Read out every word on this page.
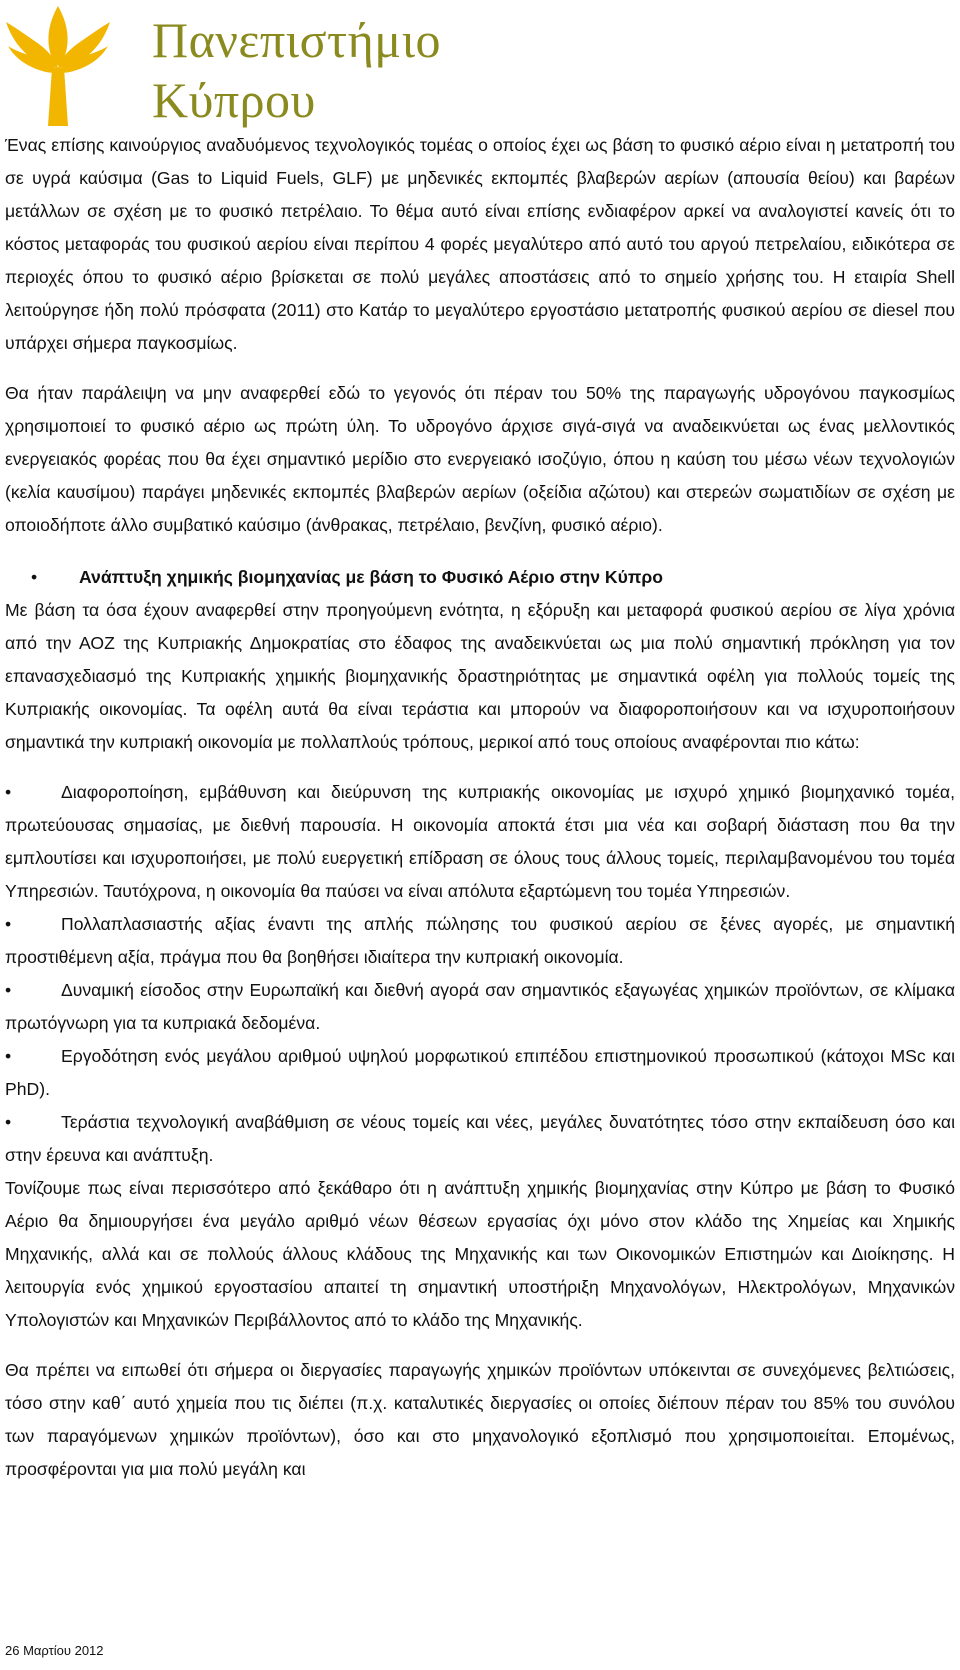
Πανεπιστήμιο
Κύπρου

Ένας επίσης καινούργιος αναδυόμενος τεχνολογικός τομέας ο οποίος έχει ως βάση το φυσικό αέριο είναι η μετατροπή του σε υγρά καύσιμα (Gas to Liquid Fuels, GLF) με μηδενικές εκπομπές βλαβερών αερίων (απουσία θείου) και βαρέων μετάλλων σε σχέση με το φυσικό πετρέλαιο. Το θέμα αυτό είναι επίσης ενδιαφέρον αρκεί να αναλογιστεί κανείς ότι το κόστος μεταφοράς του φυσικού αερίου είναι περίπου 4 φορές μεγαλύτερο από αυτό του αργού πετρελαίου, ειδικότερα σε περιοχές όπου το φυσικό αέριο βρίσκεται σε πολύ μεγάλες αποστάσεις από το σημείο χρήσης του. Η εταιρία Shell λειτούργησε ήδη πολύ πρόσφατα (2011) στο Κατάρ το μεγαλύτερο εργοστάσιο μετατροπής φυσικού αερίου σε diesel που υπάρχει σήμερα παγκοσμίως.

Θα ήταν παράλειψη να μην αναφερθεί εδώ το γεγονός ότι πέραν του 50% της παραγωγής υδρογόνου παγκοσμίως χρησιμοποιεί το φυσικό αέριο ως πρώτη ύλη. Το υδρογόνο άρχισε σιγά-σιγά να αναδεικνύεται ως ένας μελλοντικός ενεργειακός φορέας που θα έχει σημαντικό μερίδιο στο ενεργειακό ισοζύγιο, όπου η καύση του μέσω νέων τεχνολογιών (κελία καυσίμου) παράγει μηδενικές εκπομπές βλαβερών αερίων (οξείδια αζώτου) και στερεών σωματιδίων σε σχέση με οποιοδήποτε άλλο συμβατικό καύσιμο (άνθρακας, πετρέλαιο, βενζίνη, φυσικό αέριο).

• Ανάπτυξη χημικής βιομηχανίας με βάση το Φυσικό Αέριο στην Κύπρο

Με βάση τα όσα έχουν αναφερθεί στην προηγούμενη ενότητα, η εξόρυξη και μεταφορά φυσικού αερίου σε λίγα χρόνια από την ΑΟΖ της Κυπριακής Δημοκρατίας στο έδαφος της αναδεικνύεται ως μια πολύ σημαντική πρόκληση για τον επανασχεδιασμό της Κυπριακής χημικής βιομηχανικής δραστηριότητας με σημαντικά οφέλη για πολλούς τομείς της Κυπριακής οικονομίας. Τα οφέλη αυτά θα είναι τεράστια και μπορούν να διαφοροποιήσουν και να ισχυροποιήσουν σημαντικά την κυπριακή οικονομία με πολλαπλούς τρόπους, μερικοί από τους οποίους αναφέρονται πιο κάτω:

•	Διαφοροποίηση, εμβάθυνση και διεύρυνση της κυπριακής οικονομίας με ισχυρό χημικό βιομηχανικό τομέα, πρωτεύουσας σημασίας, με διεθνή παρουσία. Η οικονομία αποκτά έτσι μια νέα και σοβαρή διάσταση που θα την εμπλουτίσει και ισχυροποιήσει, με πολύ ευεργετική επίδραση σε όλους τους άλλους τομείς, περιλαμβανομένου του τομέα Υπηρεσιών. Ταυτόχρονα, η οικονομία θα παύσει να είναι απόλυτα εξαρτώμενη του τομέα Υπηρεσιών.

•	Πολλαπλασιαστής αξίας έναντι της απλής πώλησης του φυσικού αερίου σε ξένες αγορές, με σημαντική προστιθέμενη αξία, πράγμα που θα βοηθήσει ιδιαίτερα την κυπριακή οικονομία.

•	Δυναμική είσοδος στην Ευρωπαϊκή και διεθνή αγορά σαν σημαντικός εξαγωγέας χημικών προϊόντων, σε κλίμακα πρωτόγνωρη για τα κυπριακά δεδομένα.

•	Εργοδότηση ενός μεγάλου αριθμού υψηλού μορφωτικού επιπέδου επιστημονικού προσωπικού (κάτοχοι MSc και PhD).

•	Τεράστια τεχνολογική αναβάθμιση σε νέους τομείς και νέες, μεγάλες δυνατότητες τόσο στην εκπαίδευση όσο και στην έρευνα και ανάπτυξη.

Τονίζουμε πως είναι περισσότερο από ξεκάθαρο ότι η ανάπτυξη χημικής βιομηχανίας στην Κύπρο με βάση το Φυσικό Αέριο θα δημιουργήσει ένα μεγάλο αριθμό νέων θέσεων εργασίας όχι μόνο στον κλάδο της Χημείας και Χημικής Μηχανικής, αλλά και σε πολλούς άλλους κλάδους της Μηχανικής και των Οικονομικών Επιστημών και Διοίκησης. Η λειτουργία ενός χημικού εργοστασίου απαιτεί τη σημαντική υποστήριξη Μηχανολόγων, Ηλεκτρολόγων, Μηχανικών Υπολογιστών και Μηχανικών Περιβάλλοντος από το κλάδο της Μηχανικής.

Θα πρέπει να ειπωθεί ότι σήμερα οι διεργασίες παραγωγής χημικών προϊόντων υπόκεινται σε συνεχόμενες βελτιώσεις, τόσο στην καθ΄ αυτό χημεία που τις διέπει (π.χ. καταλυτικές διεργασίες οι οποίες διέπουν πέραν του 85% του συνόλου των παραγόμενων χημικών προϊόντων), όσο και στο μηχανολογικό εξοπλισμό που χρησιμοποιείται. Επομένως, προσφέρονται για μια πολύ μεγάλη και

26 Μαρτίου 2012
